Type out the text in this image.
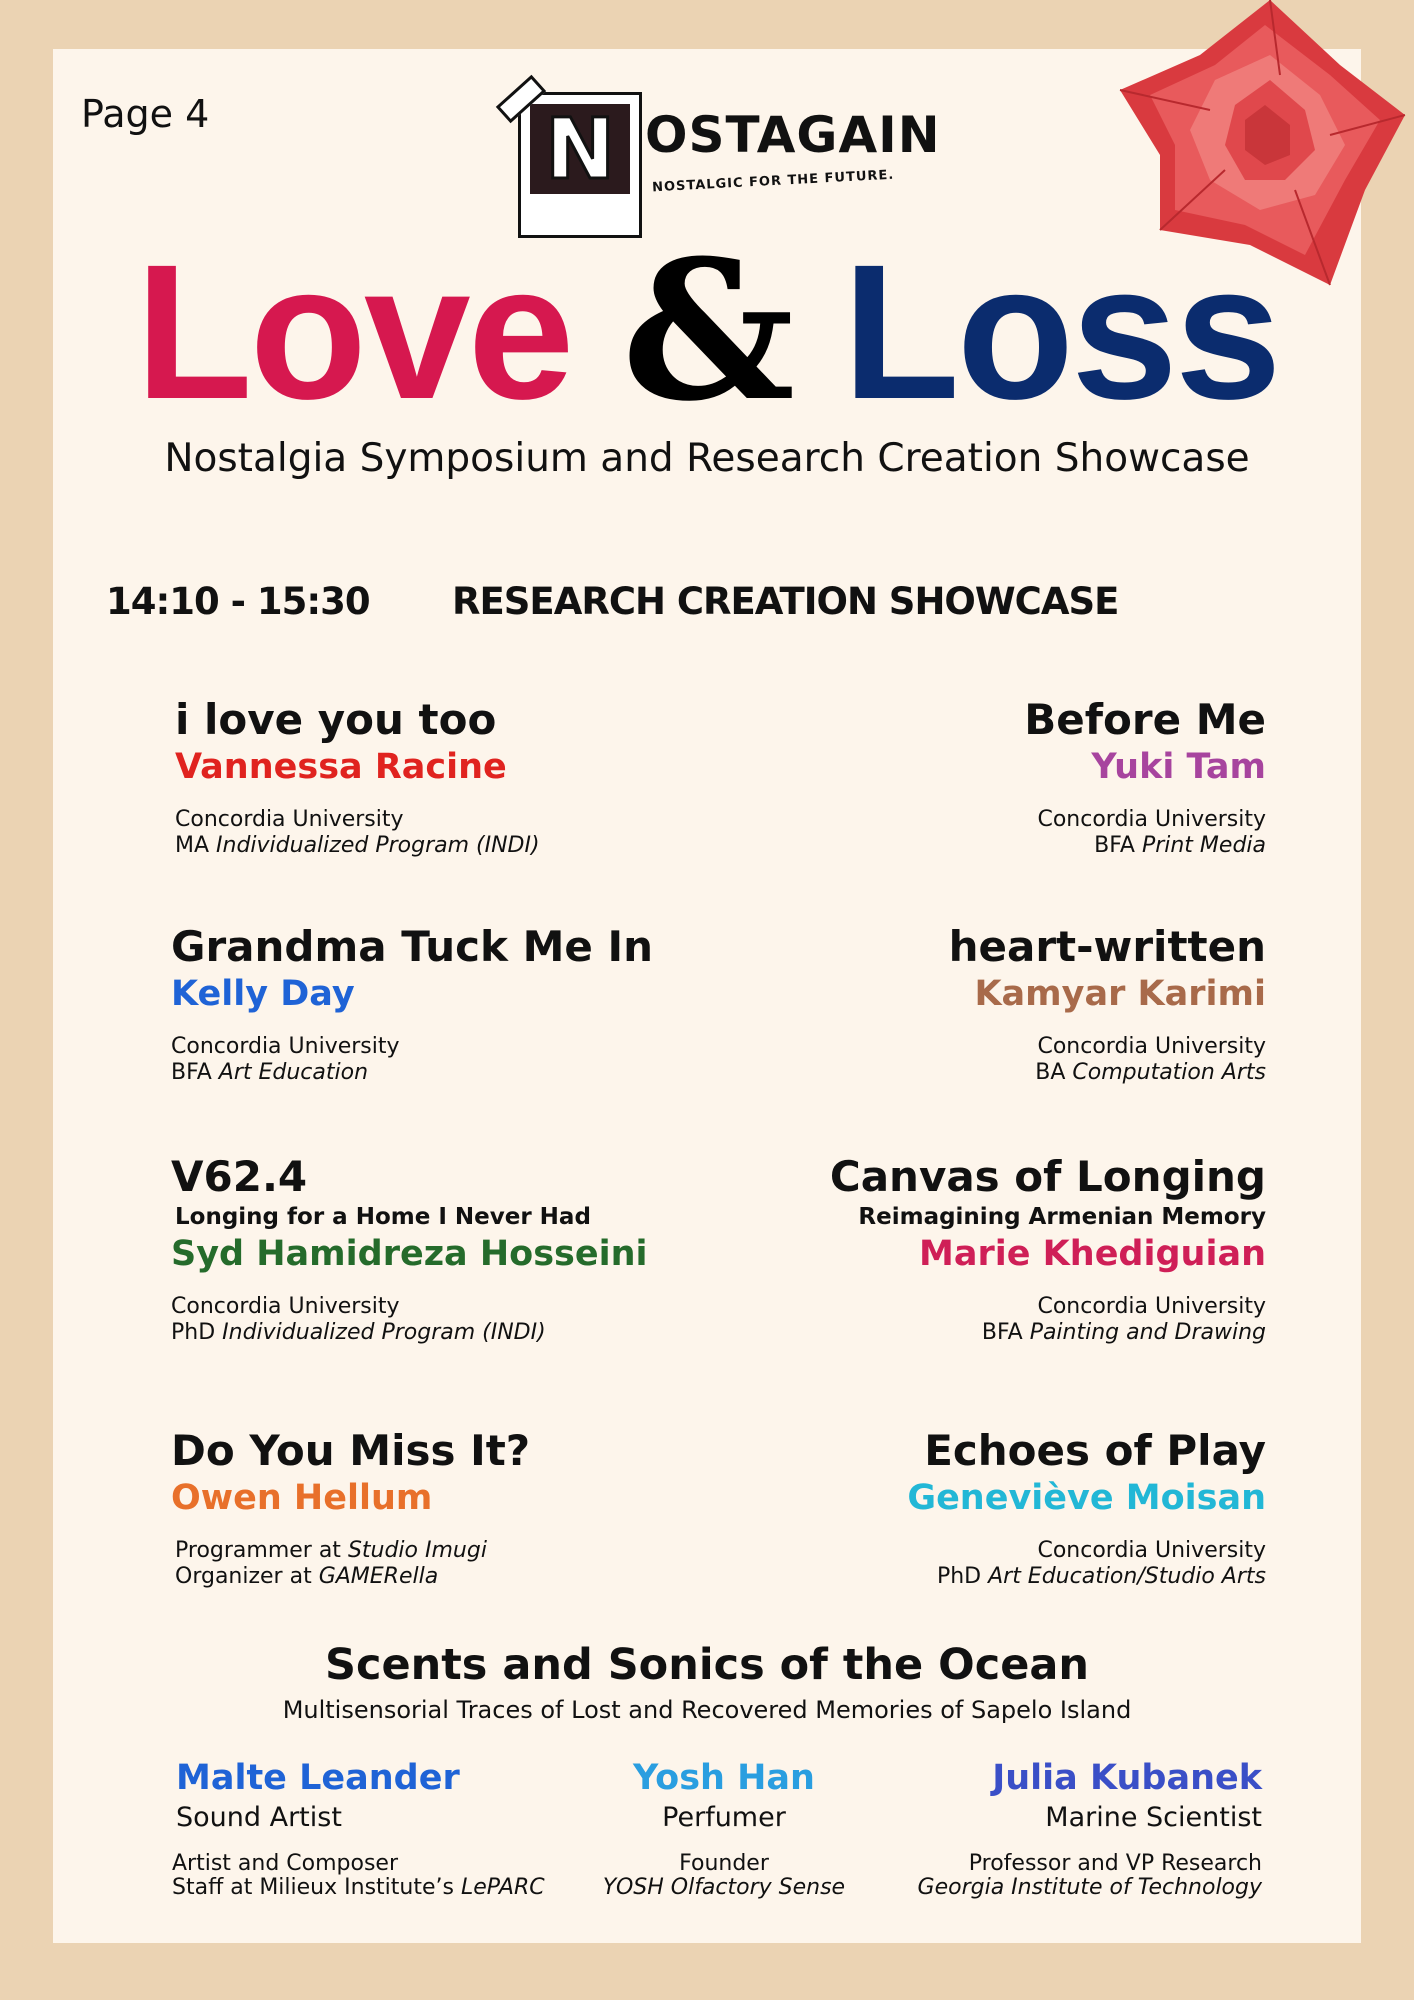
Page 4	N OSTAGAIN
NOSTALGIC FOR THE FUTURE.
Love & Loss
Nostalgia Symposium and Research Creation Showcase
14:10 - 15:30 RESEARCH CREATION SHOWCASE
i love you too
Vannessa Racine
Concordia University
MA Individualized Program (INDI)
Before Me
Yuki Tam
Concordia University
BFA Print Media
Grandma Tuck Me In
Kelly Day
Concordia University
BFA Art Education
heart-written
Kamyar Karimi
Concordia University
BA Computation Arts
V62.4
Longing for a Home I Never Had
Syd Hamidreza Hosseini
Concordia University
PhD Individualized Program (INDI)
Canvas of Longing
Reimagining Armenian Memory
Marie Khediguian
Concordia University
BFA Painting and Drawing
Do You Miss It?
Owen Hellum
Programmer at Studio Imugi
Organizer at GAMERella
Echoes of Play
Geneviève Moisan
Concordia University
PhD Art Education/Studio Arts
Scents and Sonics of the Ocean
Multisensorial Traces of Lost and Recovered Memories of Sapelo Island
Malte Leander
Sound Artist
Artist and Composer
Staff at Milieux Institute’s LePARC
Yosh Han
Perfumer
Founder
YOSH Olfactory Sense
Julia Kubanek
Marine Scientist
Professor and VP Research
Georgia Institute of Technology
